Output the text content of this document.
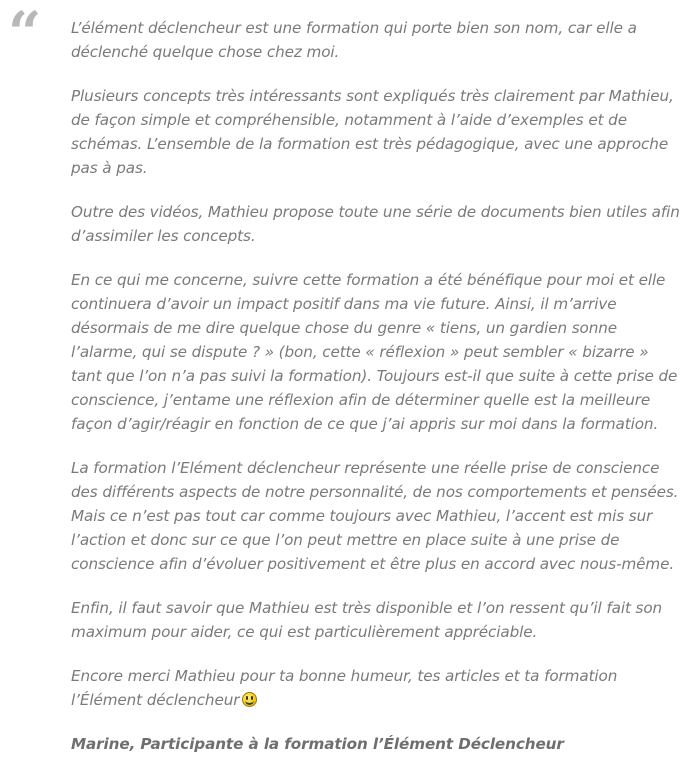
“ L’élément déclencheur est une formation qui porte bien son nom, car elle a déclenché quelque chose chez moi.

Plusieurs concepts très intéressants sont expliqués très clairement par Mathieu, de façon simple et compréhensible, notamment à l’aide d’exemples et de schémas. L’ensemble de la formation est très pédagogique, avec une approche pas à pas.

Outre des vidéos, Mathieu propose toute une série de documents bien utiles afin d’assimiler les concepts.

En ce qui me concerne, suivre cette formation a été bénéfique pour moi et elle continuera d’avoir un impact positif dans ma vie future. Ainsi, il m’arrive désormais de me dire quelque chose du genre « tiens, un gardien sonne l’alarme, qui se dispute ? » (bon, cette « réflexion » peut sembler « bizarre » tant que l’on n’a pas suivi la formation). Toujours est-il que suite à cette prise de conscience, j’entame une réflexion afin de déterminer quelle est la meilleure façon d’agir/réagir en fonction de ce que j’ai appris sur moi dans la formation.

La formation l’Elément déclencheur représente une réelle prise de conscience des différents aspects de notre personnalité, de nos comportements et pensées. Mais ce n’est pas tout car comme toujours avec Mathieu, l’accent est mis sur l’action et donc sur ce que l’on peut mettre en place suite à une prise de conscience afin d’évoluer positivement et être plus en accord avec nous-même.

Enfin, il faut savoir que Mathieu est très disponible et l’on ressent qu’il fait son maximum pour aider, ce qui est particulièrement appréciable.

Encore merci Mathieu pour ta bonne humeur, tes articles et ta formation l’Élément déclencheur

Marine, Participante à la formation l’Élément Déclencheur
